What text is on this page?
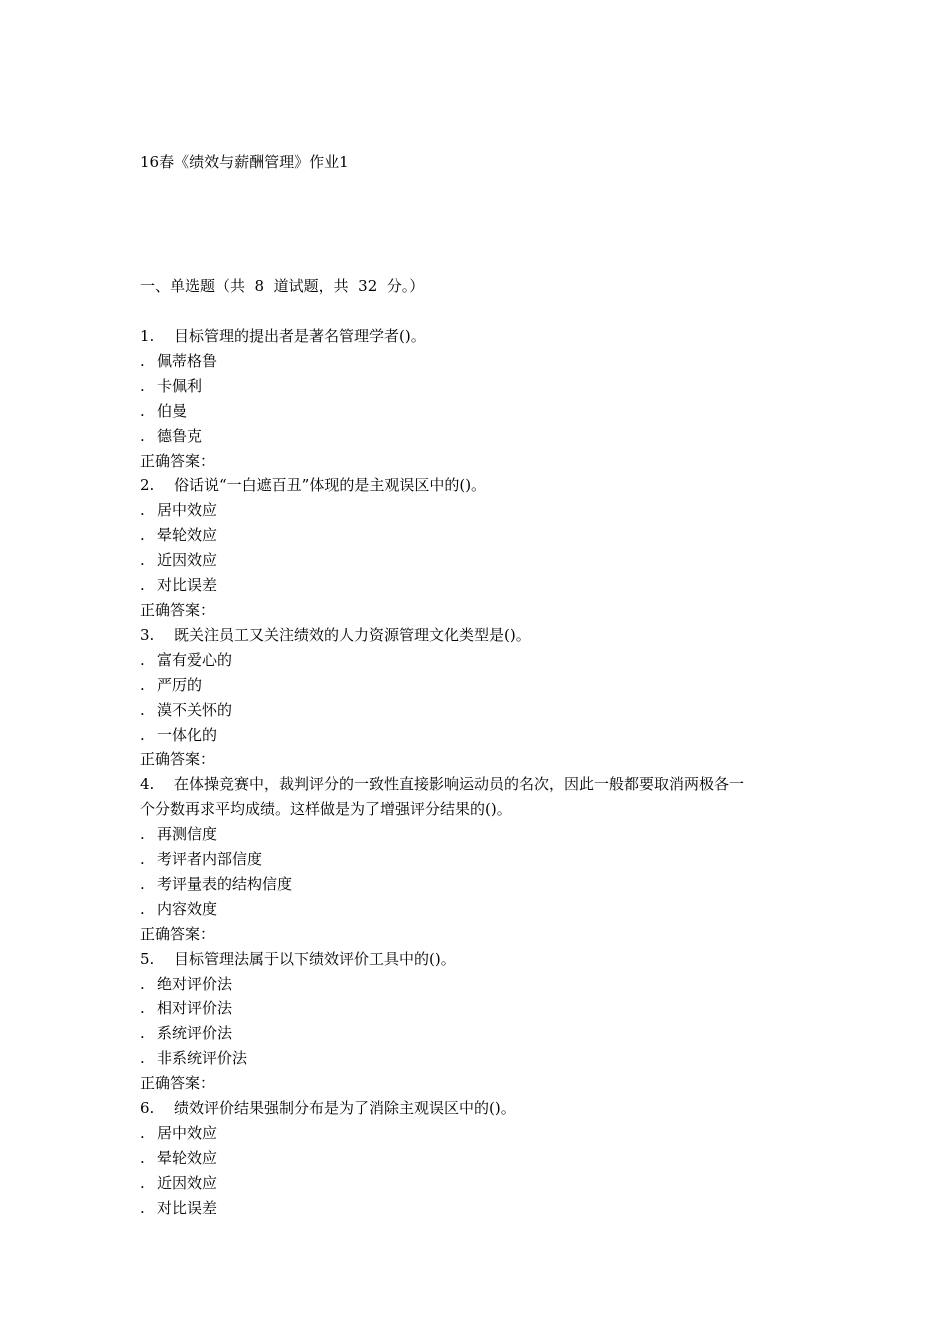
16春《绩效与薪酬管理》作业1
一、单选题（共  8  道试题，共  32  分。）
1.	目标管理的提出者是著名管理学者()。
. 佩蒂格鲁
. 卡佩利
. 伯曼
. 德鲁克
正确答案：
2.	俗话说“一白遮百丑”体现的是主观误区中的()。
. 居中效应
. 晕轮效应
. 近因效应
. 对比误差
正确答案：
3.	既关注员工又关注绩效的人力资源管理文化类型是()。
. 富有爱心的
. 严厉的
. 漠不关怀的
. 一体化的
正确答案：
4.	在体操竞赛中，裁判评分的一致性直接影响运动员的名次，因此一般都要取消两极各一
个分数再求平均成绩。这样做是为了增强评分结果的()。
. 再测信度
. 考评者内部信度
. 考评量表的结构信度
. 内容效度
正确答案：
5.	目标管理法属于以下绩效评价工具中的()。
. 绝对评价法
. 相对评价法
. 系统评价法
. 非系统评价法
正确答案：
6.	绩效评价结果强制分布是为了消除主观误区中的()。
. 居中效应
. 晕轮效应
. 近因效应
. 对比误差
